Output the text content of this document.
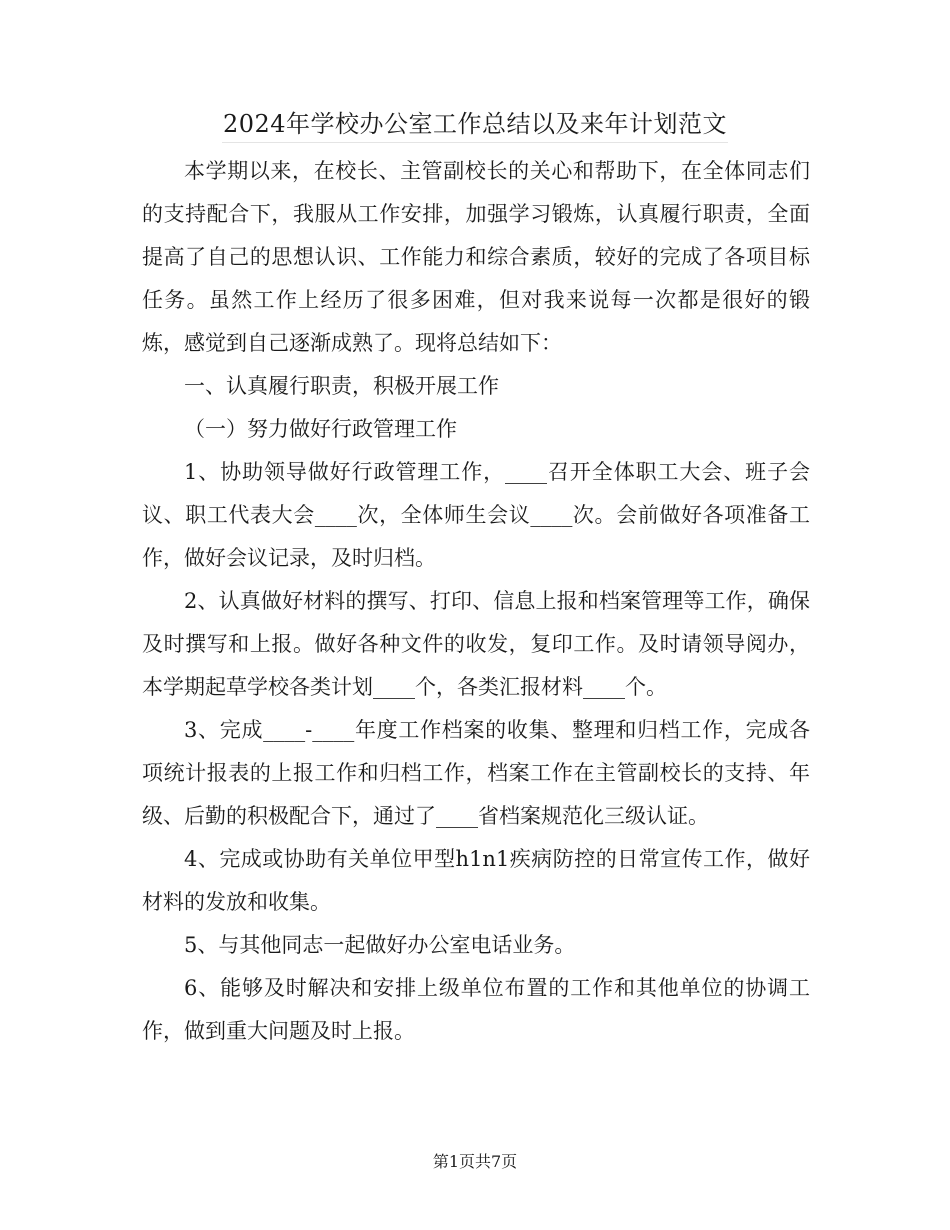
2024年学校办公室工作总结以及来年计划范文

本学期以来，在校长、主管副校长的关心和帮助下，在全体同志们的支持配合下，我服从工作安排，加强学习锻炼，认真履行职责，全面提高了自己的思想认识、工作能力和综合素质，较好的完成了各项目标任务。虽然工作上经历了很多困难，但对我来说每一次都是很好的锻炼，感觉到自己逐渐成熟了。现将总结如下：

一、认真履行职责，积极开展工作

（一）努力做好行政管理工作

1、协助领导做好行政管理工作，____召开全体职工大会、班子会议、职工代表大会____次，全体师生会议____次。会前做好各项准备工作，做好会议记录，及时归档。

2、认真做好材料的撰写、打印、信息上报和档案管理等工作，确保及时撰写和上报。做好各种文件的收发，复印工作。及时请领导阅办，本学期起草学校各类计划____个，各类汇报材料____个。

3、完成____-____年度工作档案的收集、整理和归档工作，完成各项统计报表的上报工作和归档工作，档案工作在主管副校长的支持、年级、后勤的积极配合下，通过了____省档案规范化三级认证。

4、完成或协助有关单位甲型h1n1疾病防控的日常宣传工作，做好材料的发放和收集。

5、与其他同志一起做好办公室电话业务。

6、能够及时解决和安排上级单位布置的工作和其他单位的协调工作，做到重大问题及时上报。

第1页共7页
